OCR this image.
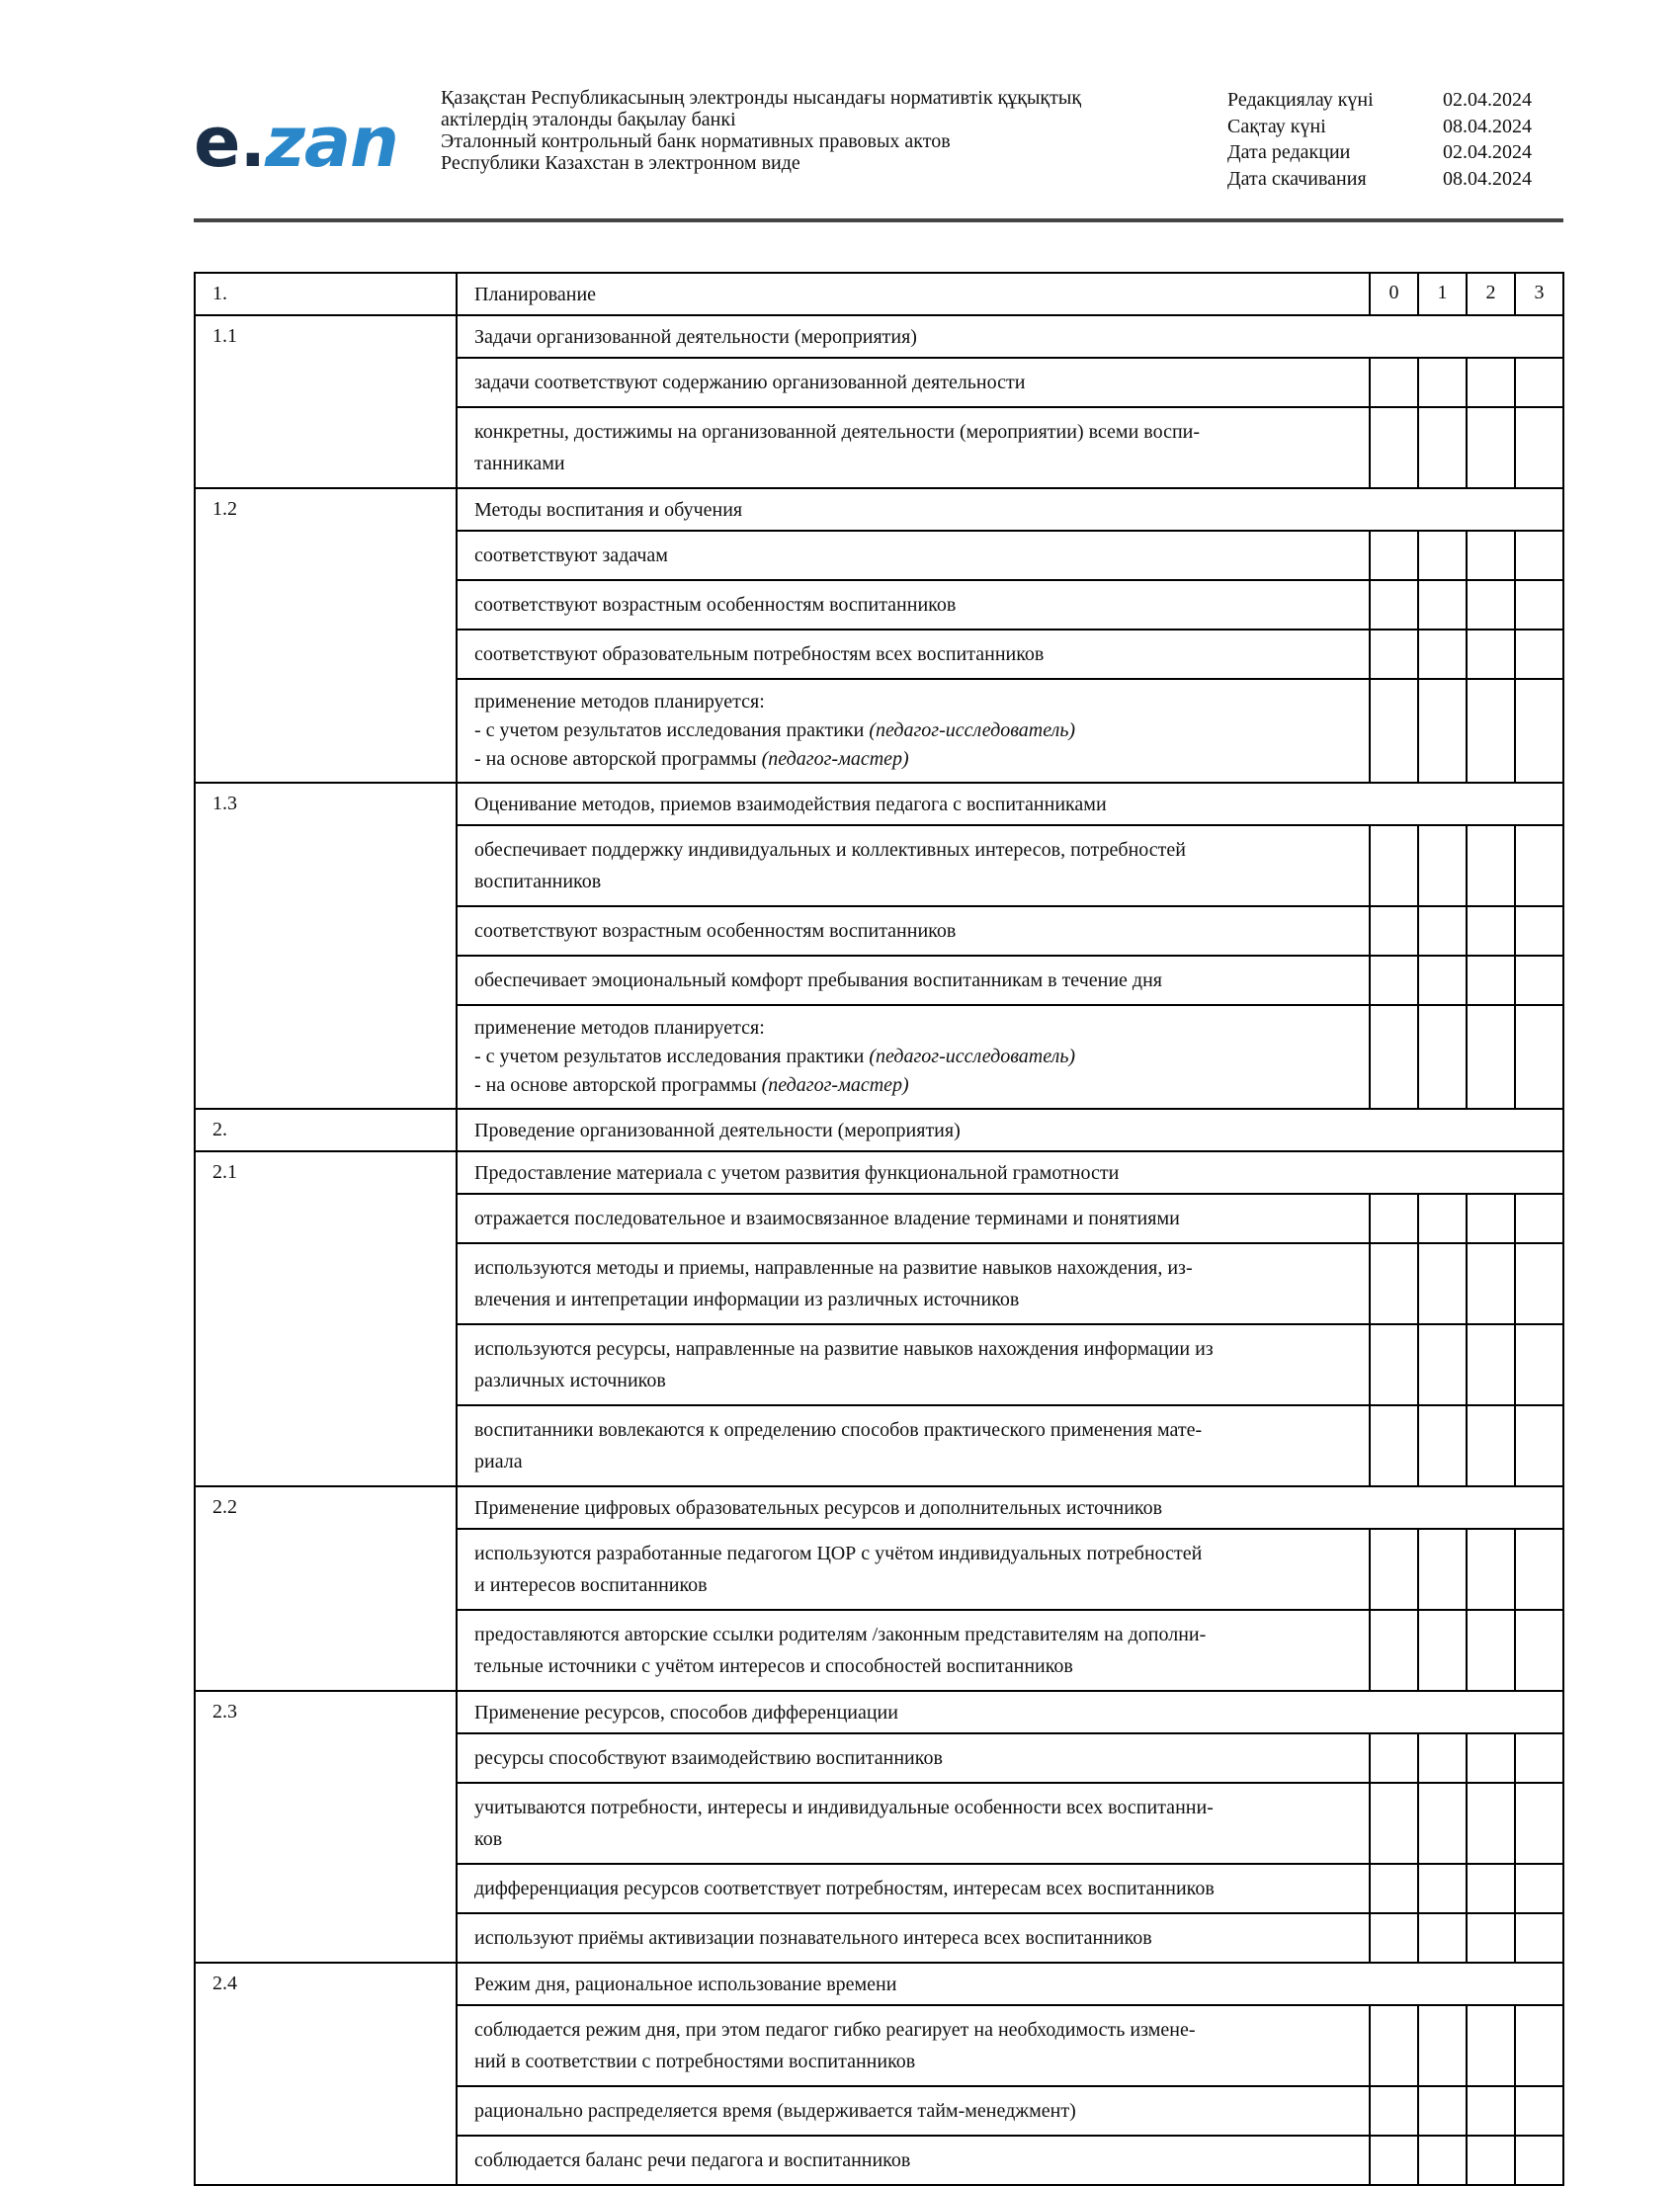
e.zan
Қазақстан Республикасының электронды нысандағы нормативтік құқықтық
актілердің эталонды бақылау банкі
Эталонный контрольный банк нормативных правовых актов
Республики Казахстан в электронном виде
Редакциялау күні	02.04.2024
Сақтау күні	08.04.2024
Дата редакции	02.04.2024
Дата скачивания	08.04.2024
1.	Планирование	0	1	2	3
1.1	Задачи организованной деятельности (мероприятия)				

	задачи соответствуют содержанию организованной деятельности				

	конкретны, достижимы на организованной деятельности (мероприятии) всеми воспи-
танниками				

1.2	Методы воспитания и обучения				

	соответствуют задачам				

	соответствуют возрастным особенностям воспитанников				

	соответствуют образовательным потребностям всех воспитанников				

	применение методов планируется:
- с учетом результатов исследования практики (педагог-исследователь)
- на основе авторской программы (педагог-мастер)				

1.3	Оценивание методов, приемов взаимодействия педагога с воспитанниками				

	обеспечивает поддержку индивидуальных и коллективных интересов, потребностей
воспитанников				

	соответствуют возрастным особенностям воспитанников				

	обеспечивает эмоциональный комфорт пребывания воспитанникам в течение дня				

	применение методов планируется:
- с учетом результатов исследования практики (педагог-исследователь)
- на основе авторской программы (педагог-мастер)				

2.	Проведение организованной деятельности (мероприятия)				

2.1	Предоставление материала с учетом развития функциональной грамотности				

	отражается последовательное и взаимосвязанное владение терминами и понятиями				

	используются методы и приемы, направленные на развитие навыков нахождения, из-
влечения и интепретации информации из различных источников				

	используются ресурсы, направленные на развитие навыков нахождения информации из
различных источников				

	воспитанники вовлекаются к определению способов практического применения мате-
риала				

2.2	Применение цифровых образовательных ресурсов и дополнительных источников				

	используются разработанные педагогом ЦОР с учётом индивидуальных потребностей
и интересов воспитанников				

	предоставляются авторские ссылки родителям /законным представителям на дополни-
тельные источники с учётом интересов и способностей воспитанников				

2.3	Применение ресурсов, способов дифференциации				

	ресурсы способствуют взаимодействию воспитанников				

	учитываются потребности, интересы и индивидуальные особенности всех воспитанни-
ков				

	дифференциация ресурсов соответствует потребностям, интересам всех воспитанников				

	используют приёмы активизации познавательного интереса всех воспитанников				

2.4	Режим дня, рациональное использование времени				

	соблюдается режим дня, при этом педагог гибко реагирует на необходимость измене-
ний в соответствии с потребностями воспитанников				

	рационально распределяется время (выдерживается тайм-менеджмент)				

	соблюдается баланс речи педагога и воспитанников				
